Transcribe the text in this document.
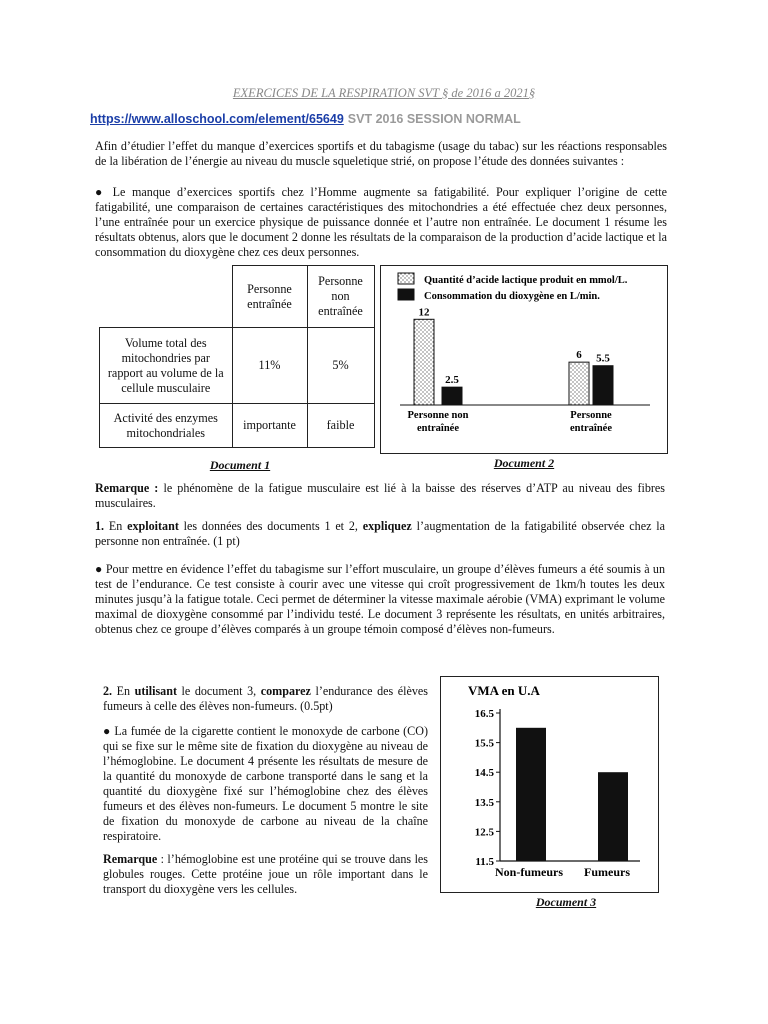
EXERCICES DE LA RESPIRATION SVT § de 2016 a 2021§
https://www.alloschool.com/element/65649 SVT 2016 SESSION NORMAL
Afin d’étudier l’effet du manque d’exercices sportifs et du tabagisme (usage du tabac) sur les réactions responsables de la libération de l’énergie au niveau du muscle squeletique strié, on propose l’étude des données suivantes :
● Le manque d’exercices sportifs chez l’Homme augmente sa fatigabilité. Pour expliquer l’origine de cette fatigabilité, une comparaison de certaines caractéristiques des mitochondries a été effectuée chez deux personnes, l’une entraînée pour un exercice physique de puissance donnée et l’autre non entraînée. Le document 1 résume les résultats obtenus, alors que le document 2 donne les résultats de la comparaison de la production d’acide lactique et la consommation du dioxygène chez ces deux personnes.
	Personne entraînée	Personne non entraînée
Volume total des mitochondries par rapport au volume de la cellule musculaire	11%	5%
Activité des enzymes mitochondriales	importante	faible
Document 1
Quantité d’acide lactique produit en mmol/L.
Consommation du dioxygène en L/min.
12
2.5
Personne non
entraînée
6 5.5
Personne
entraînée
Document 2
Remarque : le phénomène de la fatigue musculaire est lié à la baisse des réserves d’ATP au niveau des fibres musculaires.
1. En exploitant les données des documents 1 et 2, expliquez l’augmentation de la fatigabilité observée chez la personne non entraînée. (1 pt)
● Pour mettre en évidence l’effet du tabagisme sur l’effort musculaire, un groupe d’élèves fumeurs a été soumis à un test de l’endurance. Ce test consiste à courir avec une vitesse qui croît progressivement de 1km/h toutes les deux minutes jusqu’à la fatigue totale. Ceci permet de déterminer la vitesse maximale aérobie (VMA) exprimant le volume maximal de dioxygène consommé par l’individu testé. Le document 3 représente les résultats, en unités arbitraires, obtenus chez ce groupe d’élèves comparés à un groupe témoin composé d’élèves non-fumeurs.
2. En utilisant le document 3, comparez l’endurance des élèves fumeurs à celle des élèves non-fumeurs. (0.5pt)
● La fumée de la cigarette contient le monoxyde de carbone (CO) qui se fixe sur le même site de fixation du dioxygène au niveau de l’hémoglobine. Le document 4 présente les résultats de mesure de la quantité du monoxyde de carbone transporté dans le sang et la quantité du dioxygène fixé sur l’hémoglobine chez des élèves fumeurs et des élèves non-fumeurs. Le document 5 montre le site de fixation du monoxyde de carbone au niveau de la chaîne respiratoire.
Remarque : l’hémoglobine est une protéine qui se trouve dans les globules rouges. Cette protéine joue un rôle important dans le transport du dioxygène vers les cellules.
VMA en U.A
16.5
15.5
14.5
13.5
12.5
11.5
Non-fumeurs Fumeurs
Document 3
